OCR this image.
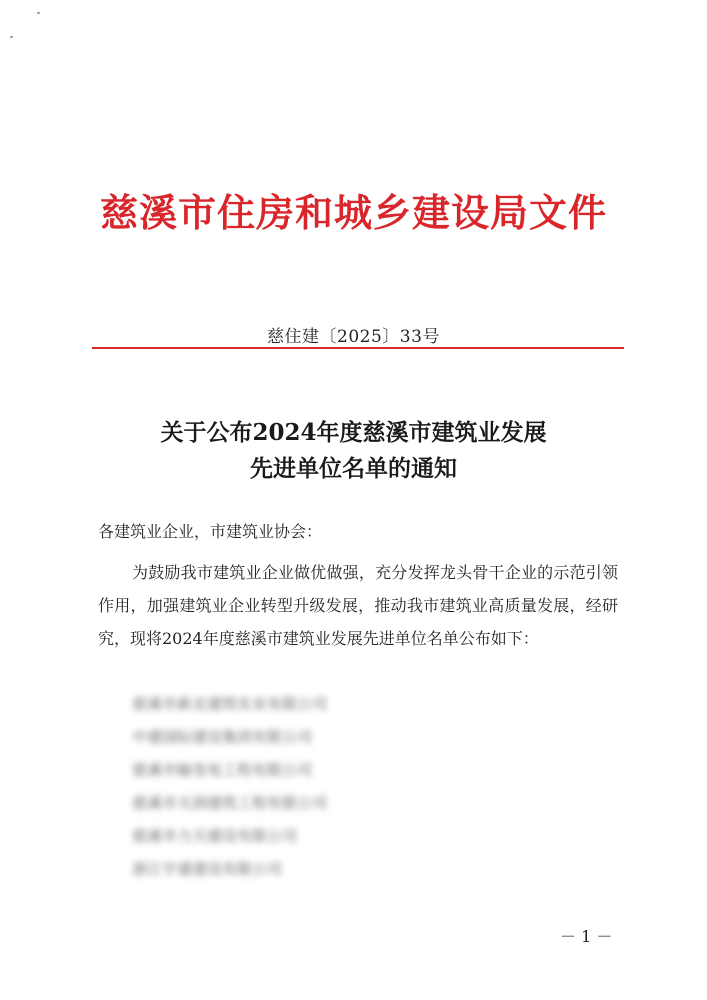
慈溪市住房和城乡建设局文件
慈住建〔2025〕33号
关于公布2024年度慈溪市建筑业发展
先进单位名单的通知
各建筑业企业，市建筑业协会：
为鼓励我市建筑业企业做优做强，充分发挥龙头骨干企业的示范引领作用，加强建筑业企业转型升级发展，推动我市建筑业高质量发展，经研究，现将2024年度慈溪市建筑业发展先进单位名单公布如下：
慈溪市新北建筑实业有限公司
中建国际建设集团有限公司
慈溪市输变电工程有限公司
慈溪市天润建筑工程有限公司
慈溪市力天建设有限公司
浙江宇盛建设有限公司
－ 1 －
